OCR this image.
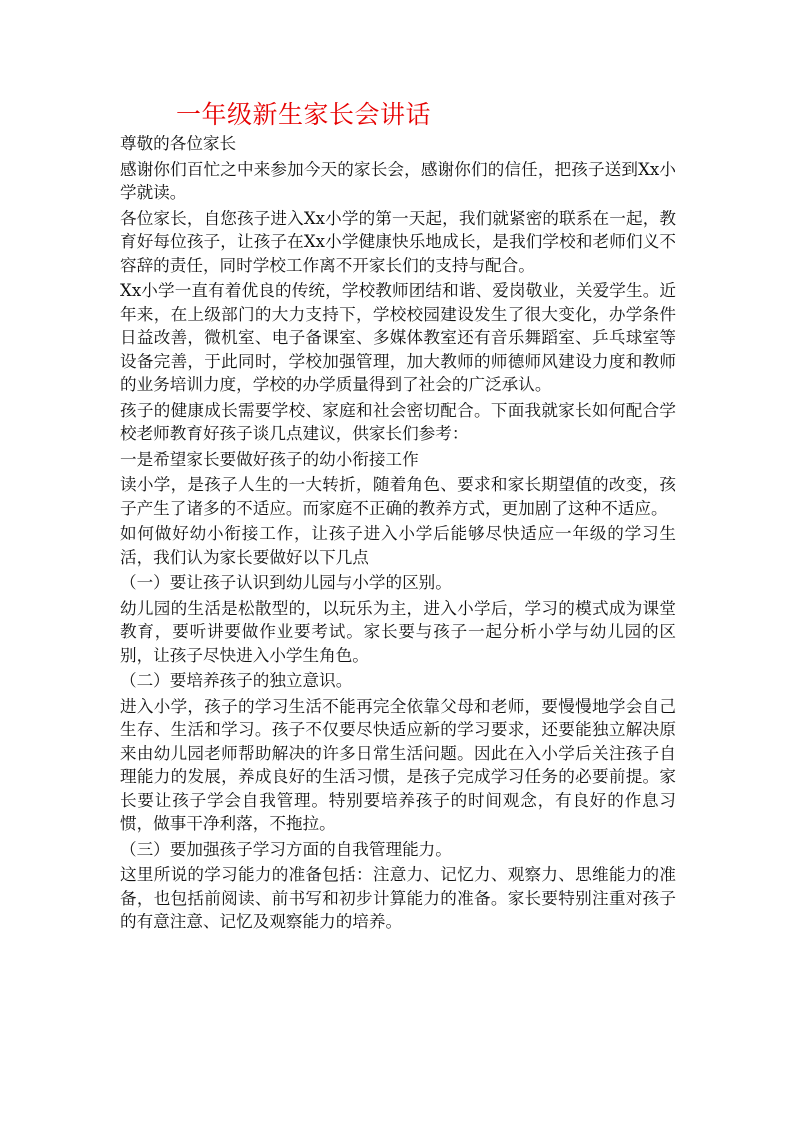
一年级新生家长会讲话

尊敬的各位家长

感谢你们百忙之中来参加今天的家长会，感谢你们的信任，把孩子送到Xx小学就读。

各位家长，自您孩子进入Xx小学的第一天起，我们就紧密的联系在一起，教育好每位孩子，让孩子在Xx小学健康快乐地成长，是我们学校和老师们义不容辞的责任，同时学校工作离不开家长们的支持与配合。

Xx小学一直有着优良的传统，学校教师团结和谐、爱岗敬业，关爱学生。近年来，在上级部门的大力支持下，学校校园建设发生了很大变化，办学条件日益改善，微机室、电子备课室、多媒体教室还有音乐舞蹈室、乒乓球室等设备完善，于此同时，学校加强管理，加大教师的师德师风建设力度和教师的业务培训力度，学校的办学质量得到了社会的广泛承认。

孩子的健康成长需要学校、家庭和社会密切配合。下面我就家长如何配合学校老师教育好孩子谈几点建议，供家长们参考：

一是希望家长要做好孩子的幼小衔接工作

读小学，是孩子人生的一大转折，随着角色、要求和家长期望值的改变，孩子产生了诸多的不适应。而家庭不正确的教养方式，更加剧了这种不适应。

如何做好幼小衔接工作，让孩子进入小学后能够尽快适应一年级的学习生活，我们认为家长要做好以下几点

（一）要让孩子认识到幼儿园与小学的区别。

幼儿园的生活是松散型的，以玩乐为主，进入小学后，学习的模式成为课堂教育，要听讲要做作业要考试。家长要与孩子一起分析小学与幼儿园的区别，让孩子尽快进入小学生角色。

（二）要培养孩子的独立意识。

进入小学，孩子的学习生活不能再完全依靠父母和老师，要慢慢地学会自己生存、生活和学习。孩子不仅要尽快适应新的学习要求，还要能独立解决原来由幼儿园老师帮助解决的许多日常生活问题。因此在入小学后关注孩子自理能力的发展，养成良好的生活习惯，是孩子完成学习任务的必要前提。家长要让孩子学会自我管理。特别要培养孩子的时间观念，有良好的作息习惯，做事干净利落，不拖拉。

（三）要加强孩子学习方面的自我管理能力。

这里所说的学习能力的准备包括：注意力、记忆力、观察力、思维能力的准备，也包括前阅读、前书写和初步计算能力的准备。家长要特别注重对孩子的有意注意、记忆及观察能力的培养。
